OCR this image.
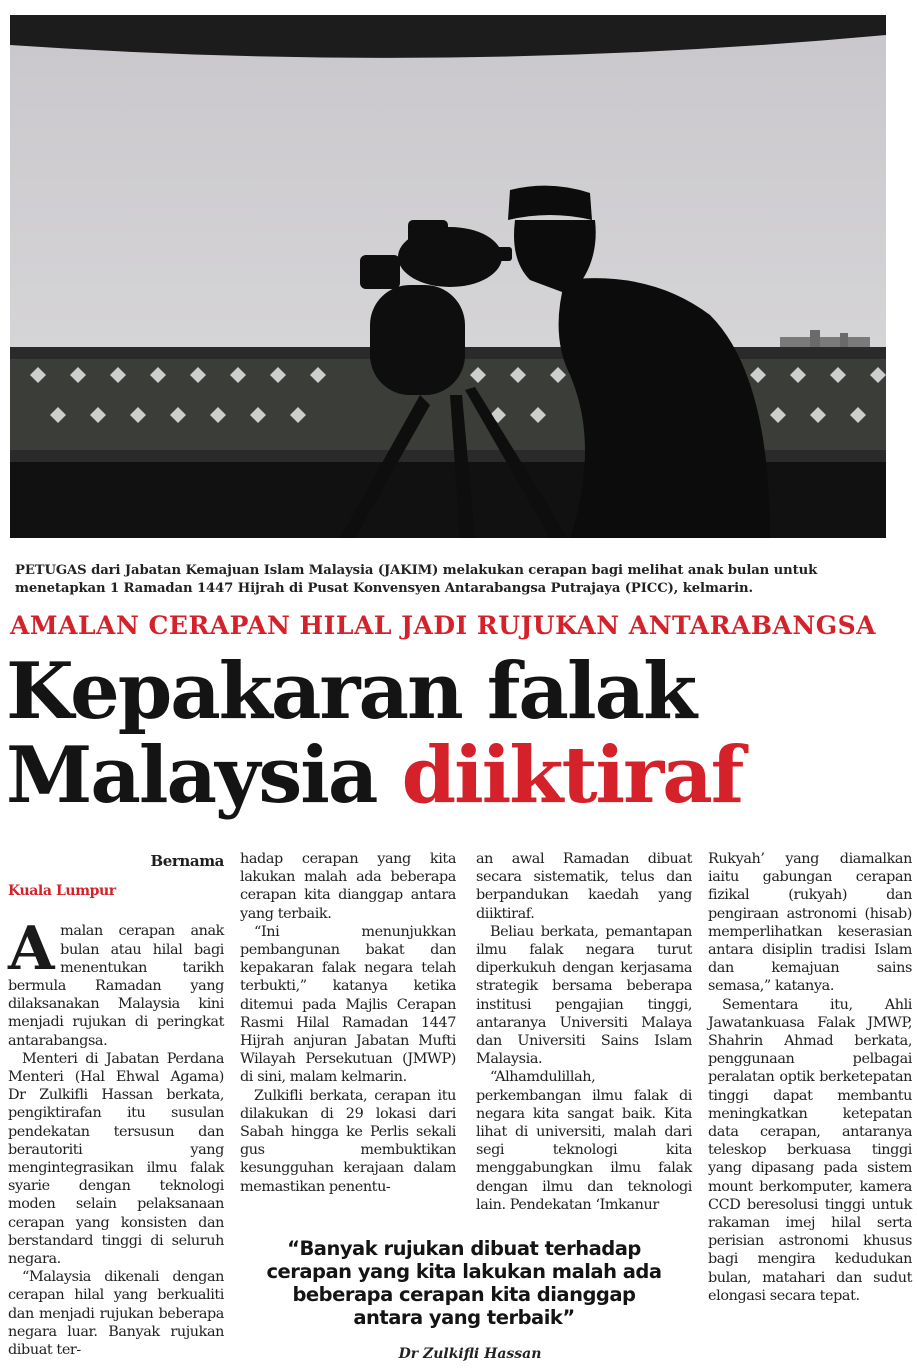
PETUGAS dari Jabatan Kemajuan Islam Malaysia (JAKIM) melakukan cerapan bagi melihat anak bulan untuk menetapkan 1 Ramadan 1447 Hijrah di Pusat Konvensyen Antarabangsa Putrajaya (PICC), kelmarin.
AMALAN CERAPAN HILAL JADI RUJUKAN ANTARABANGSA
Kepakaran falak
Malaysia diiktiraf
Bernama
Kuala Lumpur

Amalan cerapan anak bulan atau hilal bagi menentukan tarikh bermula Ramadan yang dilaksanakan Malaysia kini menjadi rujukan di peringkat antarabangsa.

Menteri di Jabatan Perdana Menteri (Hal Ehwal Agama) Dr Zulkifli Hassan berkata, pengiktirafan itu susulan pendekatan tersusun dan berautoriti yang mengintegrasikan ilmu falak syarie dengan teknologi moden selain pelaksanaan cerapan yang konsisten dan berstandard tinggi di seluruh negara.

“Malaysia dikenali dengan cerapan hilal yang berkualiti dan menjadi rujukan beberapa negara luar. Banyak rujukan dibuat ter-

hadap cerapan yang kita lakukan malah ada beberapa cerapan kita dianggap antara yang terbaik.

“Ini menunjukkan pembangunan bakat dan kepakaran falak negara telah terbukti,” katanya ketika ditemui pada Majlis Cerapan Rasmi Hilal Ramadan 1447 Hijrah anjuran Jabatan Mufti Wilayah Persekutuan (JMWP) di sini, malam kelmarin.

Zulkifli berkata, cerapan itu dilakukan di 29 lokasi dari Sabah hingga ke Perlis sekali gus membuktikan kesungguhan kerajaan dalam memastikan penentu-

an awal Ramadan dibuat secara sistematik, telus dan berpandukan kaedah yang diiktiraf.

Beliau berkata, pemantapan ilmu falak negara turut diperkukuh dengan kerjasama strategik bersama beberapa institusi pengajian tinggi, antaranya Universiti Malaya dan Universiti Sains Islam Malaysia.

“Alhamdulillah, perkembangan ilmu falak di negara kita sangat baik. Kita lihat di universiti, malah dari segi teknologi kita menggabungkan ilmu falak dengan ilmu dan teknologi lain. Pendekatan ‘Imkanur

Rukyah’ yang diamalkan iaitu gabungan cerapan fizikal (rukyah) dan pengiraan astronomi (hisab) memperlihatkan keserasian antara disiplin tradisi Islam dan kemajuan sains semasa,” katanya.

Sementara itu, Ahli Jawatankuasa Falak JMWP, Shahrin Ahmad berkata, penggunaan pelbagai peralatan optik berketepatan tinggi dapat membantu meningkatkan ketepatan data cerapan, antaranya teleskop berkuasa tinggi yang dipasang pada sistem mount berkomputer, kamera CCD beresolusi tinggi untuk rakaman imej hilal serta perisian astronomi khusus bagi mengira kedudukan bulan, matahari dan sudut elongasi secara tepat.

“Banyak rujukan dibuat terhadap cerapan yang kita lakukan malah ada beberapa cerapan kita dianggap antara yang terbaik”
Dr Zulkifli Hassan
